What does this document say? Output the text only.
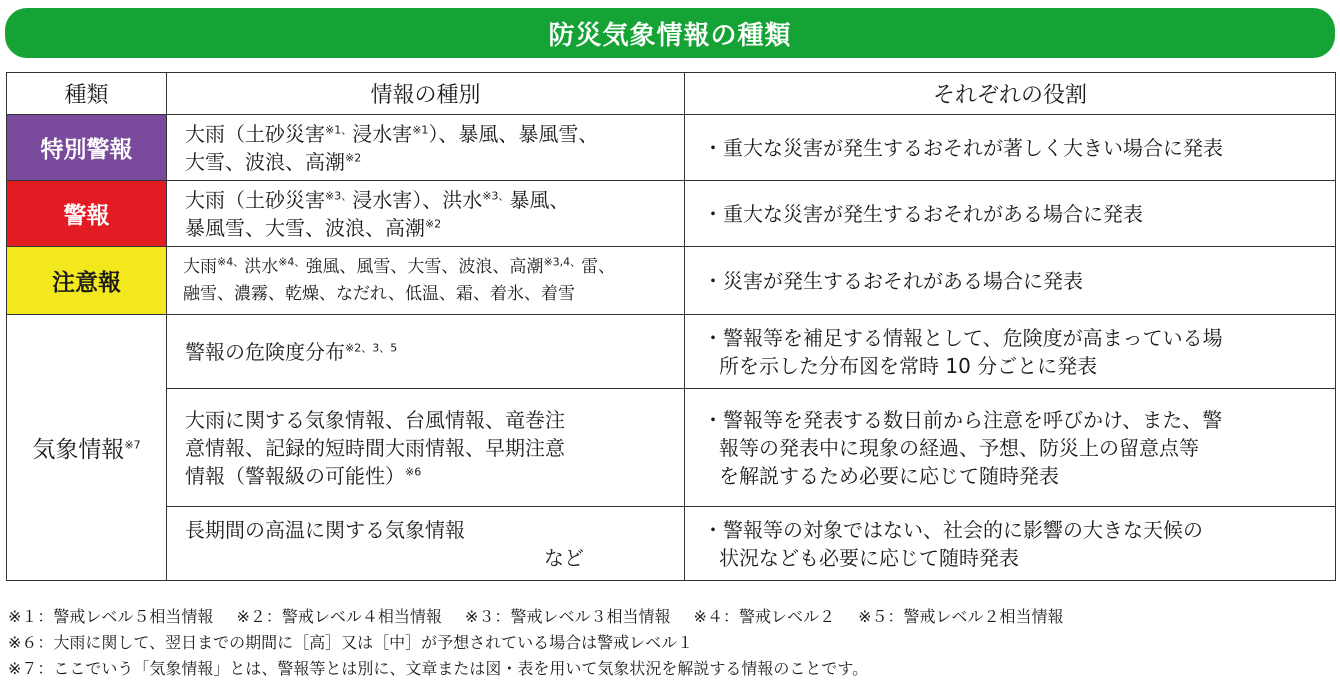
防災気象情報の種類
種類	情報の種別	それぞれの役割
特別警報	大雨（土砂災害$^{※1、}$浸水害$^{※1}$）、暴風、暴風雪、
大雪、波浪、高潮$^{※2}$	・重大な災害が発生するおそれが著しく大きい場合に発表

警報	大雨（土砂災害$^{※3、}$浸水害）、洪水$^{※3、}$暴風、
暴風雪、大雪、波浪、高潮$^{※2}$	・重大な災害が発生するおそれがある場合に発表

注意報	大雨$^{※4、}$洪水$^{※4、}$強風、風雪、大雪、波浪、高潮$^{※3,4、}$雷、
融雪、濃霧、乾燥、なだれ、低温、霜、着氷、着雪	・災害が発生するおそれがある場合に発表

気象情報$^{※7}$	警報の危険度分布$^{※2、3、5}$	・警報等を補足する情報として、危険度が高まっている場
所を示した分布図を常時 10 分ごとに発表

	大雨に関する気象情報、台風情報、竜巻注
意情報、記録的短時間大雨情報、早期注意
情報（警報級の可能性）$^{※6}$	・警報等を発表する数日前から注意を呼びかけ、また、警
報等の発表中に現象の経過、予想、防災上の留意点等
を解説するため必要に応じて随時発表

	長期間の高温に関する気象情報
など	・警報等の対象ではない、社会的に影響の大きな天候の
状況なども必要に応じて随時発表
※１：警戒レベル５相当情報 ※２：警戒レベル４相当情報 ※３：警戒レベル３相当情報 ※４：警戒レベル２ ※５：警戒レベル２相当情報
※６：大雨に関して、翌日までの期間に［高］又は［中］が予想されている場合は警戒レベル１
※７：ここでいう「気象情報」とは、警報等とは別に、文章または図・表を用いて気象状況を解説する情報のことです。
